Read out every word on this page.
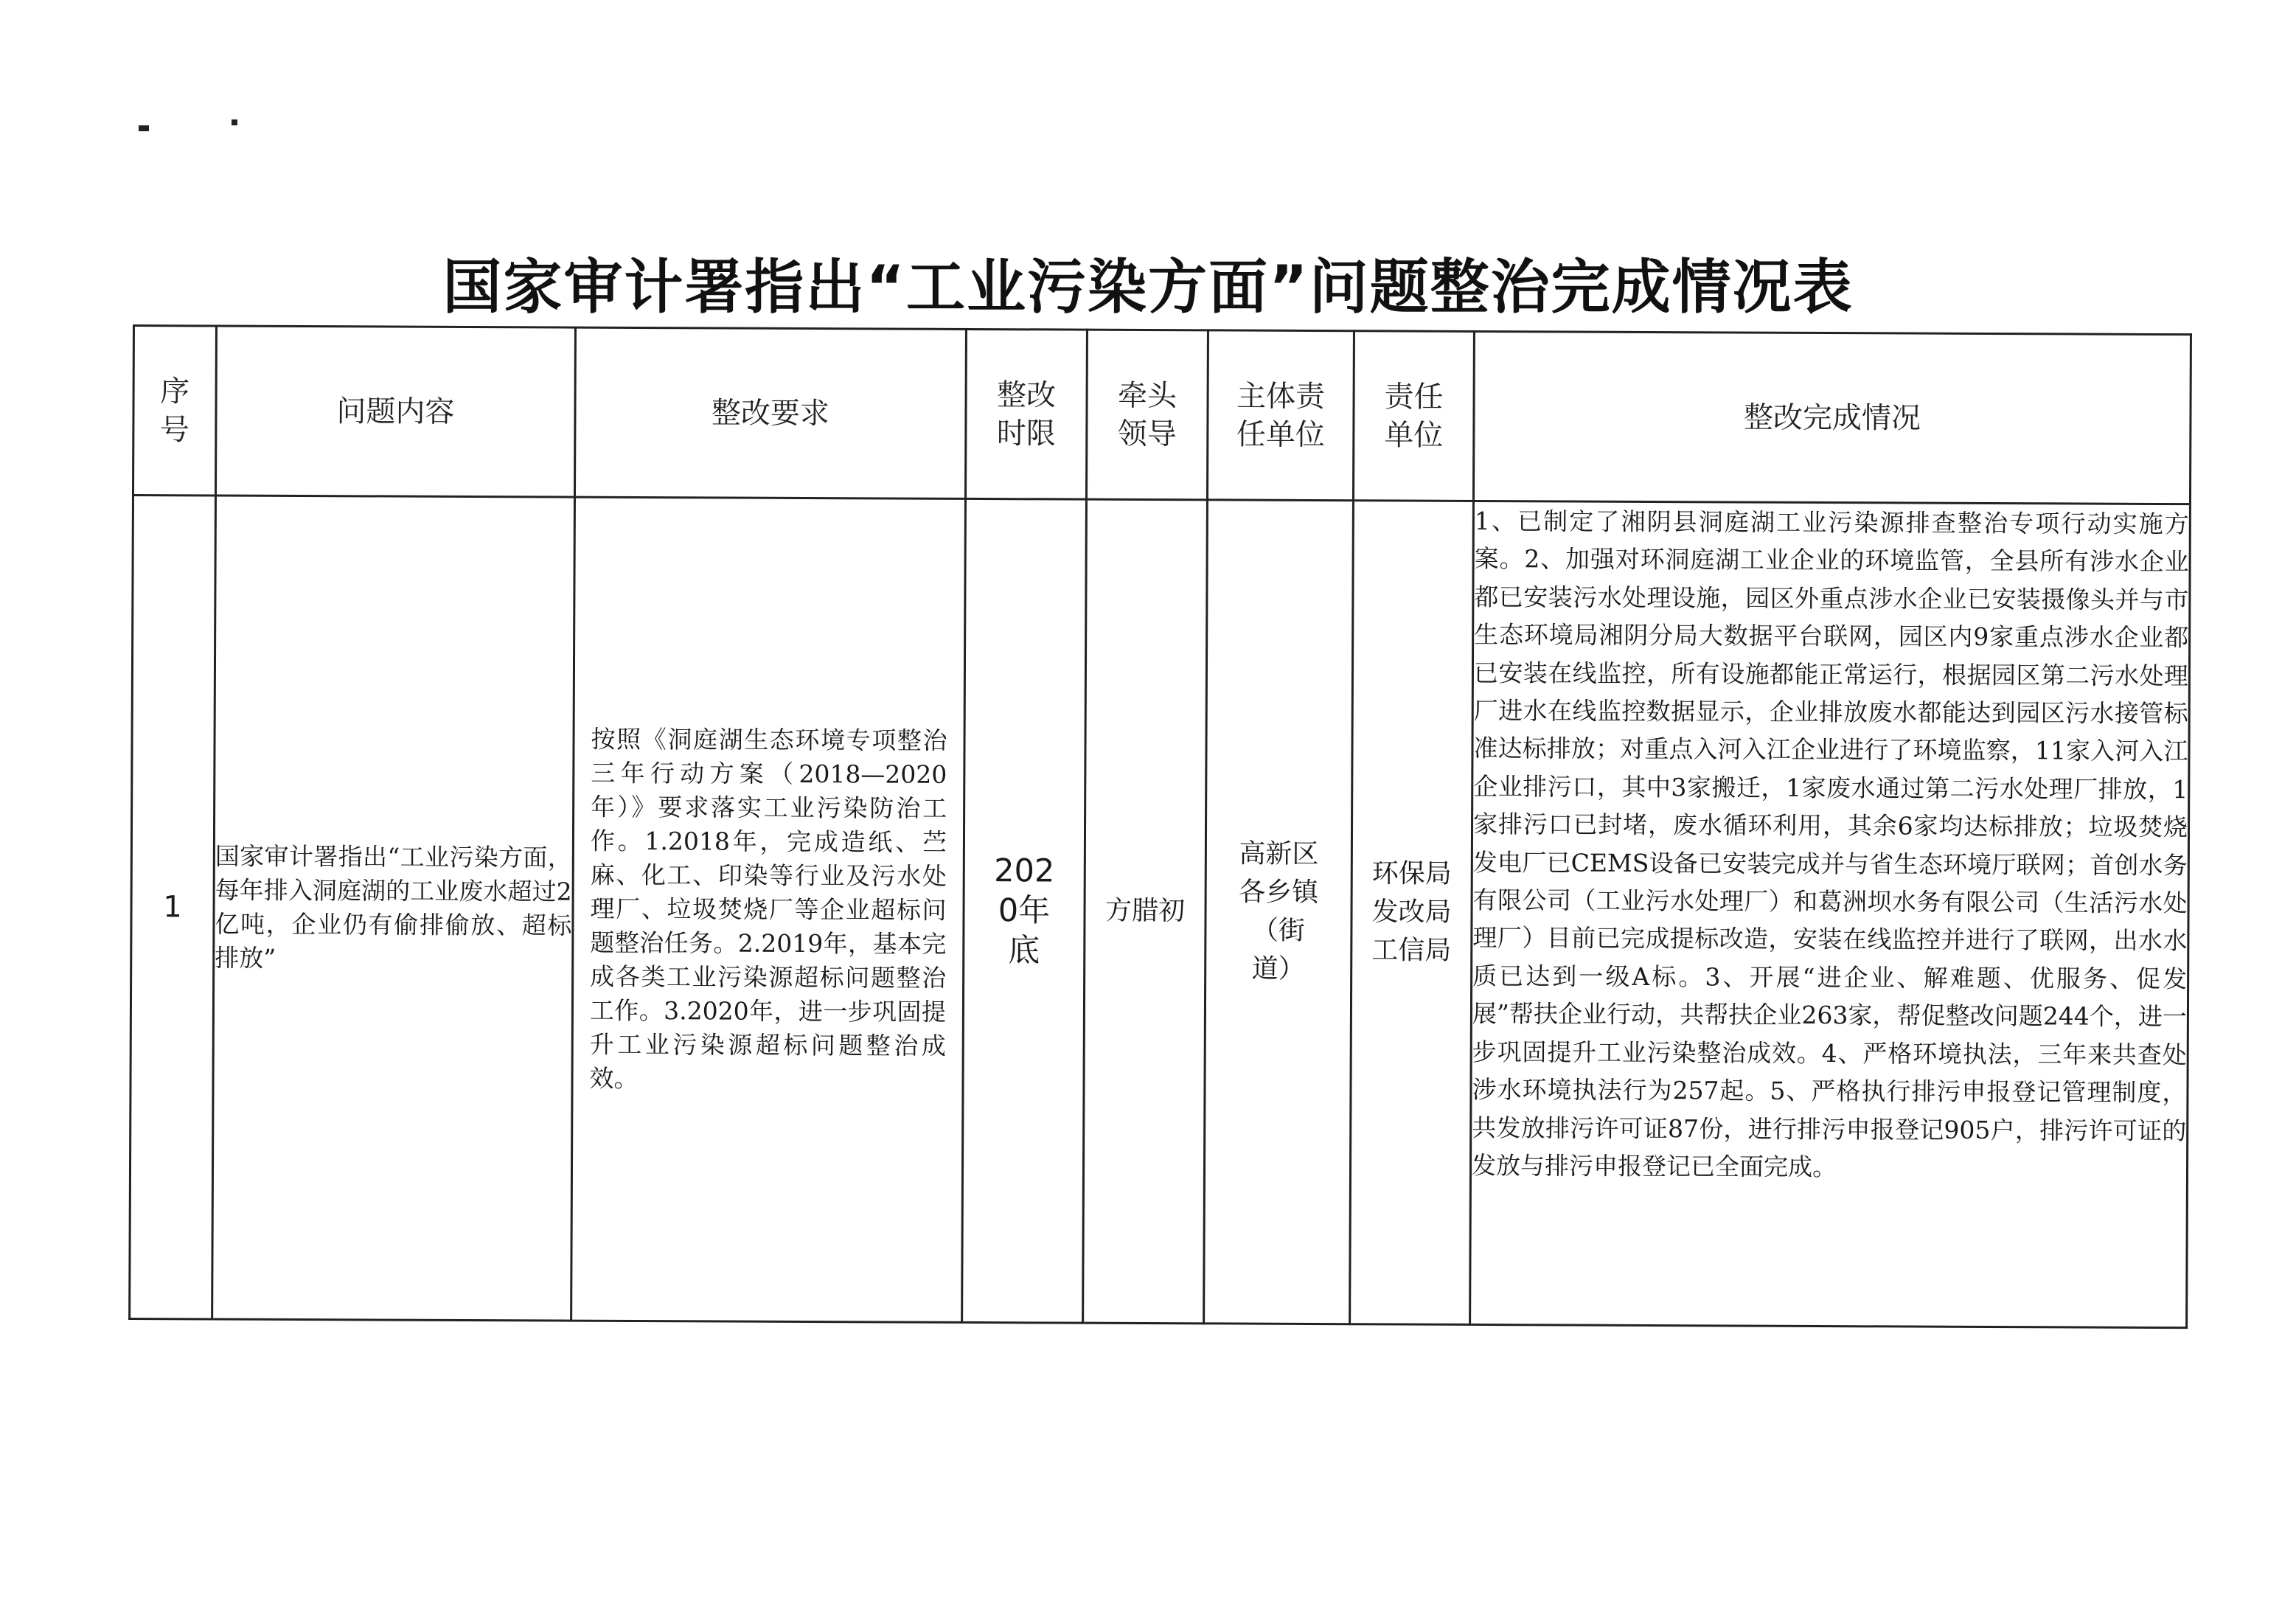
国家审计署指出“工业污染方面”问题整治完成情况表
序号	问题内容	整改要求	整改时限	牵头领导	主体责任单位	责任单位	整改完成情况
1	国家审计署指出“工业污染方面，每年排入洞庭湖的工业废水超过2亿吨，企业仍有偷排偷放、超标排放”	按照《洞庭湖生态环境专项整治三年行动方案（2018—2020年）》要求落实工业污染防治工作。1.2018年，完成造纸、苎麻、化工、印染等行业及污水处理厂、垃圾焚烧厂等企业超标问题整治任务。2.2019年，基本完成各类工业污染源超标问题整治工作。3.2020年，进一步巩固提升工业污染源超标问题整治成效。	2020年底	方腊初	高新区各乡镇（街道）	环保局发改局工信局	1、已制定了湘阴县洞庭湖工业污染源排查整治专项行动实施方案。2、加强对环洞庭湖工业企业的环境监管，全县所有涉水企业都已安装污水处理设施，园区外重点涉水企业已安装摄像头并与市生态环境局湘阴分局大数据平台联网，园区内9家重点涉水企业都已安装在线监控，所有设施都能正常运行，根据园区第二污水处理厂进水在线监控数据显示，企业排放废水都能达到园区污水接管标准达标排放；对重点入河入江企业进行了环境监察，11家入河入江企业排污口，其中3家搬迁，1家废水通过第二污水处理厂排放，1家排污口已封堵，废水循环利用，其余6家均达标排放；垃圾焚烧发电厂已CEMS设备已安装完成并与省生态环境厅联网；首创水务有限公司（工业污水处理厂）和葛洲坝水务有限公司（生活污水处理厂）目前已完成提标改造，安装在线监控并进行了联网，出水水质已达到一级A标。3、开展“进企业、解难题、优服务、促发展”帮扶企业行动，共帮扶企业263家，帮促整改问题244个，进一步巩固提升工业污染整治成效。4、严格环境执法，三年来共查处涉水环境执法行为257起。5、严格执行排污申报登记管理制度，共发放排污许可证87份，进行排污申报登记905户，排污许可证的发放与排污申报登记已全面完成。
